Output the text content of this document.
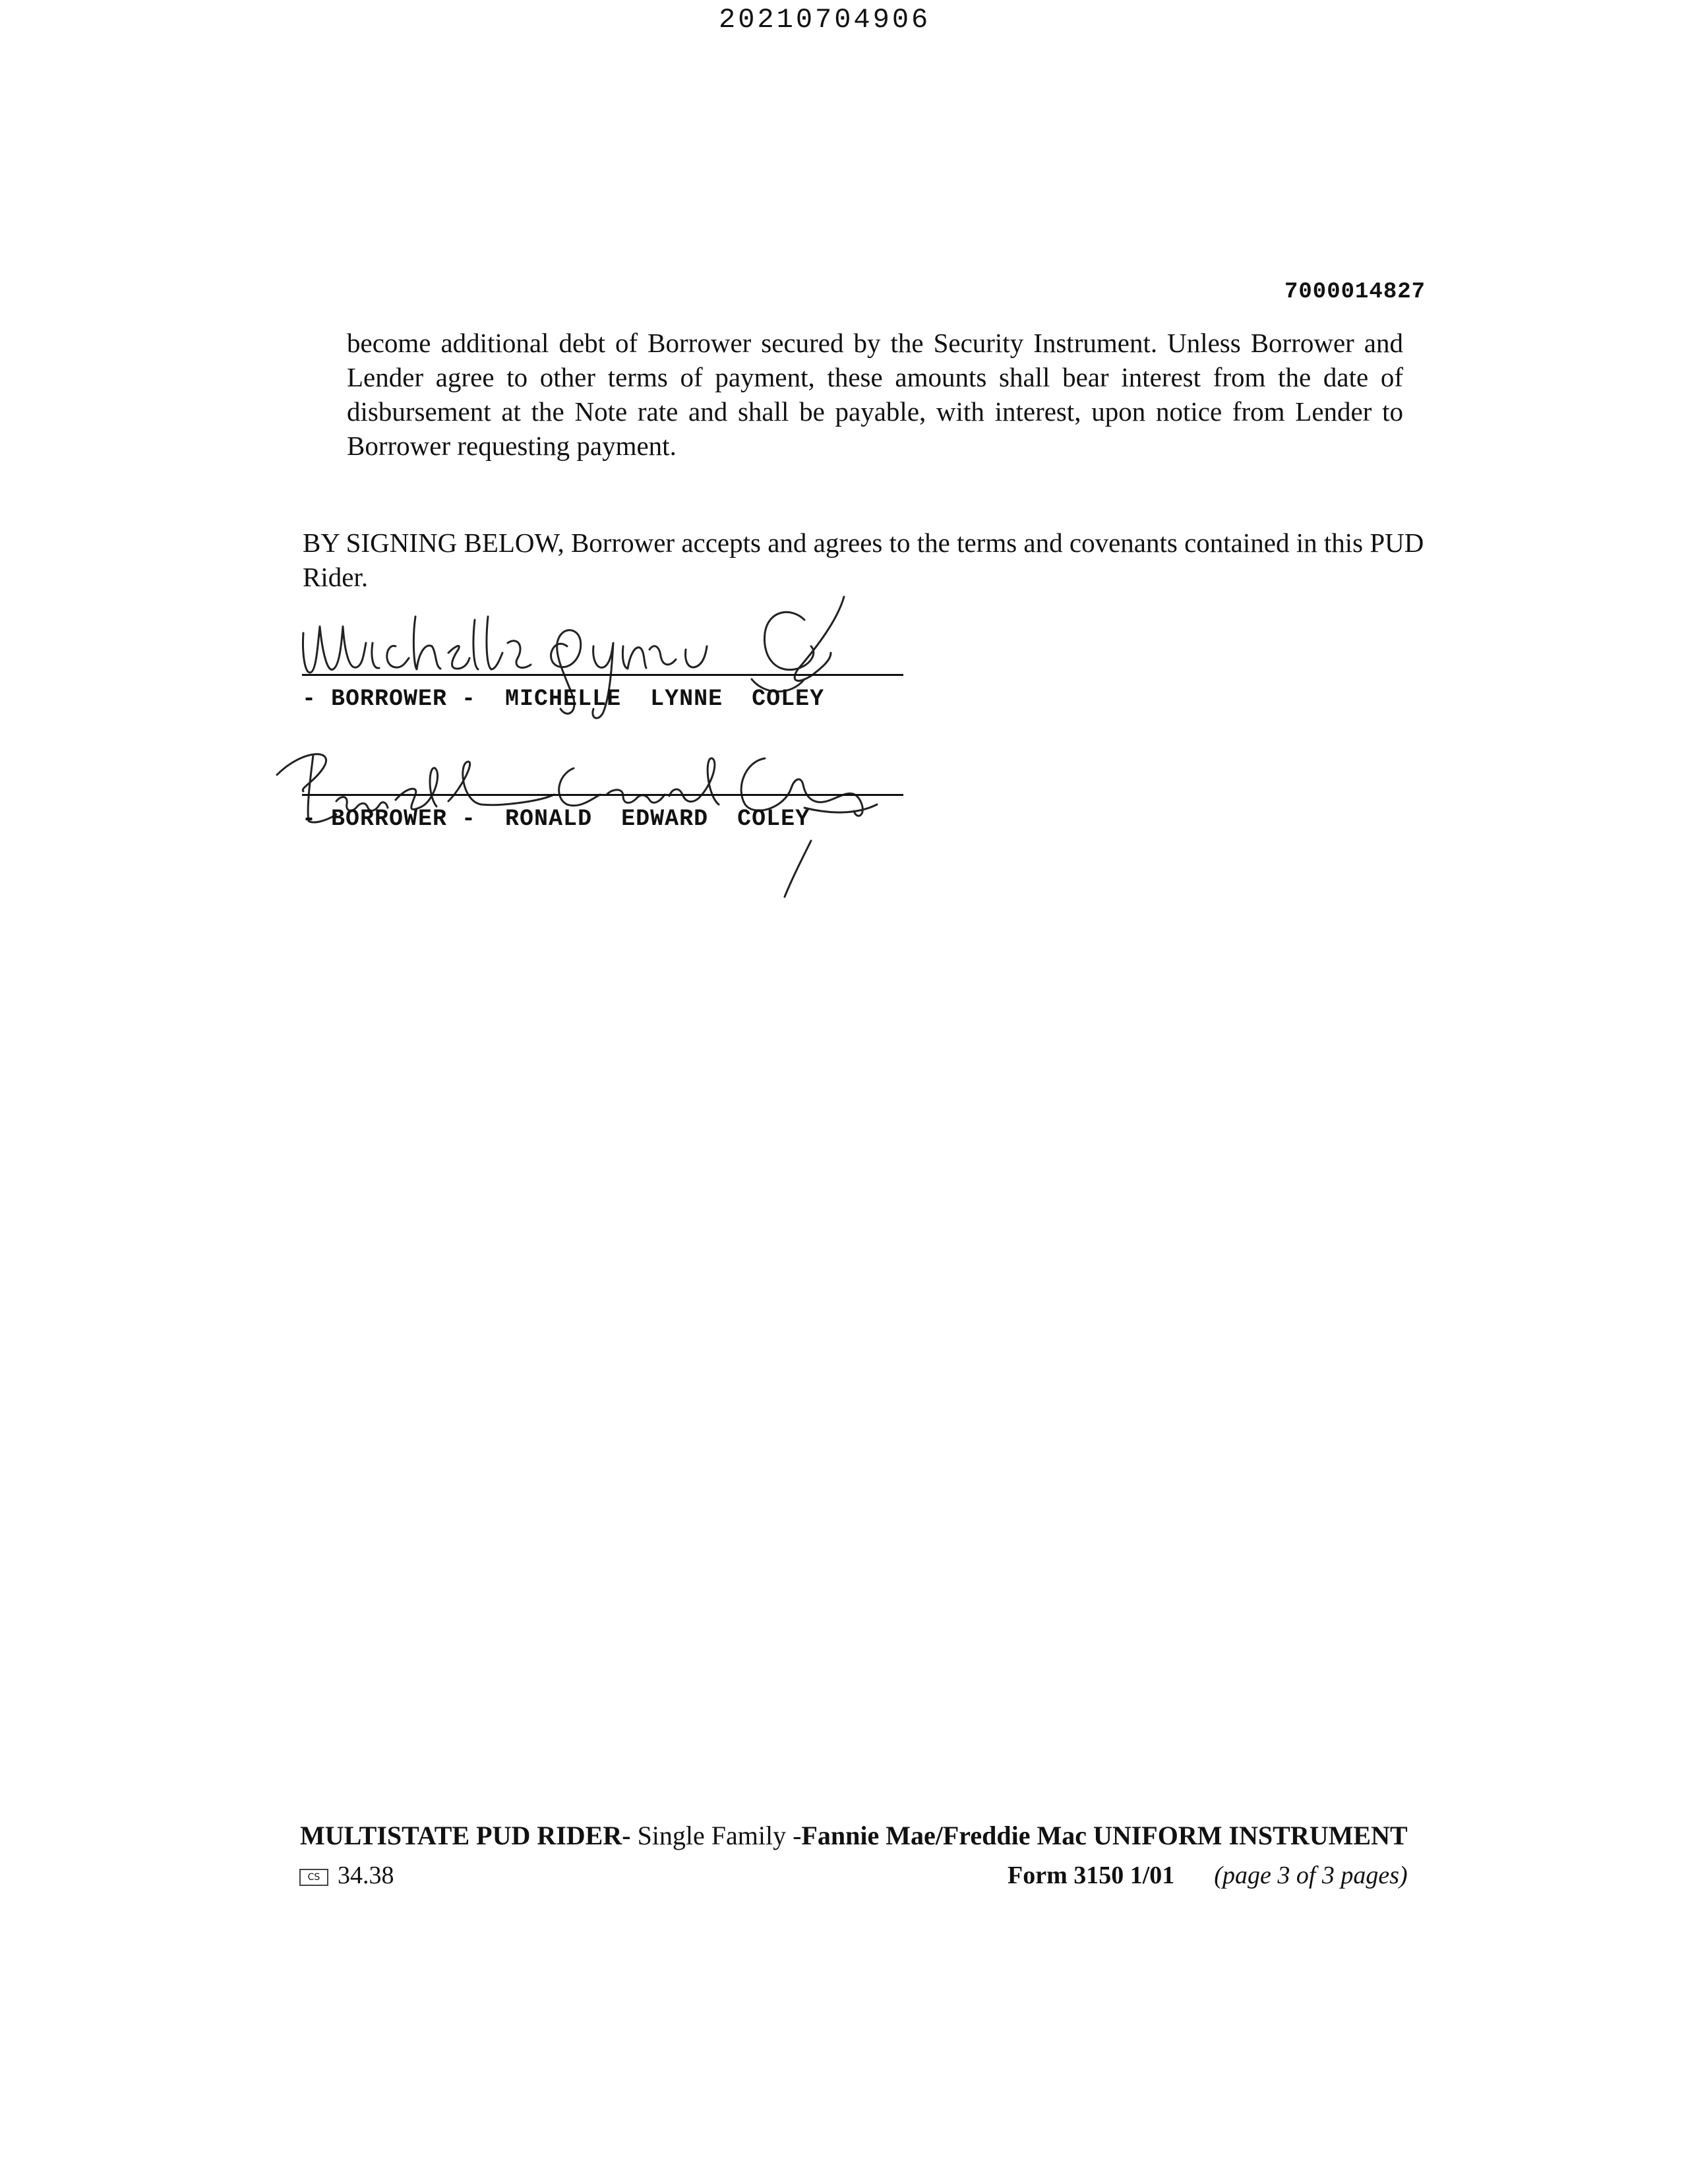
20210704906
7000014827

become additional debt of Borrower secured by the Security Instrument. Unless Borrower and Lender agree to other terms of payment, these amounts shall bear interest from the date of disbursement at the Note rate and shall be payable, with interest, upon notice from Lender to Borrower requesting payment.

BY SIGNING BELOW, Borrower accepts and agrees to the terms and covenants contained in this PUD Rider.

- BORROWER -  MICHELLE  LYNNE  COLEY
- BORROWER -  RONALD  EDWARD  COLEY
MULTISTATE PUD RIDER- Single Family -Fannie Mae/Freddie Mac UNIFORM INSTRUMENT
CS 34.38	Form 3150 1/01 (page 3 of 3 pages)
